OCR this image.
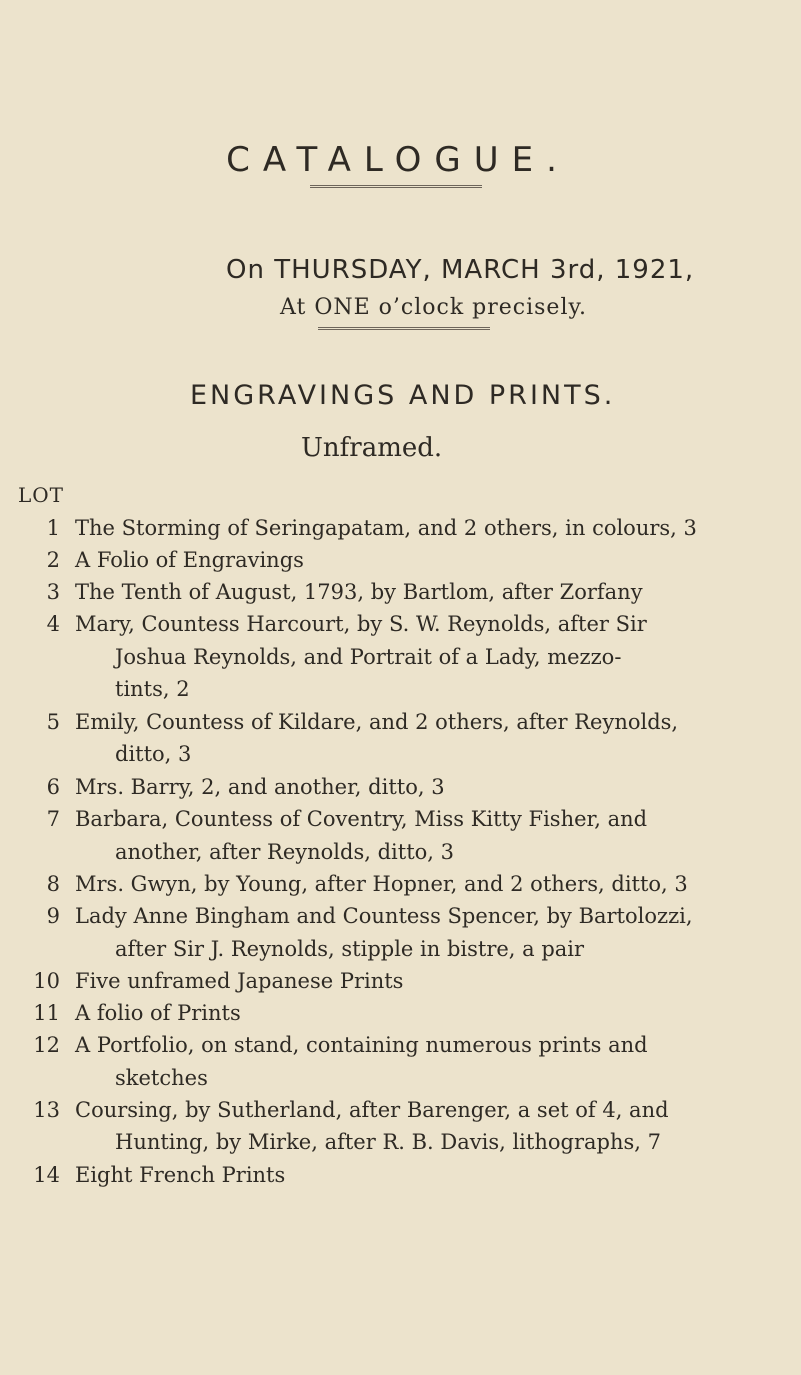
CATALOGUE.
On THURSDAY, MARCH 3rd, 1921,
At ONE o’clock precisely.
ENGRAVINGS AND PRINTS.
Unframed.
LOT
1 The Storming of Seringapatam, and 2 others, in colours, 3
2 A Folio of Engravings
3 The Tenth of August, 1793, by Bartlom, after Zorfany
4 Mary, Countess Harcourt, by S. W. Reynolds, after Sir
Joshua Reynolds, and Portrait of a Lady, mezzo-
tints, 2
5 Emily, Countess of Kildare, and 2 others, after Reynolds,
ditto, 3
6 Mrs. Barry, 2, and another, ditto, 3
7 Barbara, Countess of Coventry, Miss Kitty Fisher, and
another, after Reynolds, ditto, 3
8 Mrs. Gwyn, by Young, after Hopner, and 2 others, ditto, 3
9 Lady Anne Bingham and Countess Spencer, by Bartolozzi,
after Sir J. Reynolds, stipple in bistre, a pair
10 Five unframed Japanese Prints
11 A folio of Prints
12 A Portfolio, on stand, containing numerous prints and
sketches
13 Coursing, by Sutherland, after Barenger, a set of 4, and
Hunting, by Mirke, after R. B. Davis, lithographs, 7
14 Eight French Prints
